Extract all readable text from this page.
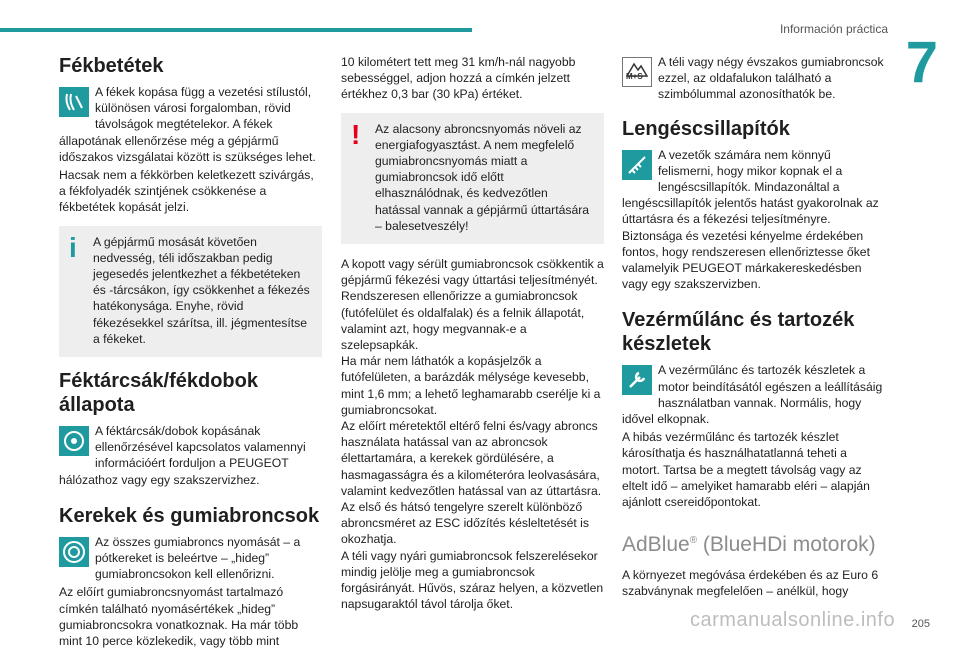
Información práctica
7
Fékbetétek

A fékek kopása függ a vezetési stílustól, különösen városi forgalomban, rövid távolságok megtételekor. A fékek állapotának ellenőrzése még a gépjármű időszakos vizsgálatai között is szükséges lehet.

Hacsak nem a fékkörben keletkezett szivárgás, a fékfolyadék szintjének csökkenése a fékbetétek kopását jelzi.

i A gépjármű mosását követően nedvesség, téli időszakban pedig jegesedés jelentkezhet a fékbetéteken és -tárcsákon, így csökkenhet a fékezés hatékonysága. Enyhe, rövid fékezésekkel szárítsa, ill. jégmentesítse a fékeket.

Féktárcsák/fékdobok állapota

A féktárcsák/dobok kopásának ellenőrzésével kapcsolatos valamennyi információért forduljon a PEUGEOT hálózathoz vagy egy szakszervizhez.

Kerekek és gumiabroncsok

Az összes gumiabroncs nyomását – a pótkereket is beleértve – „hideg” gumiabroncsokon kell ellenőrizni.

Az előírt gumiabroncsnyomást tartalmazó címkén található nyomásértékek „hideg” gumiabroncsokra vonatkoznak. Ha már több mint 10 perce közlekedik, vagy több mint

10 kilométert tett meg 31 km/h-nál nagyobb sebességgel, adjon hozzá a címkén jelzett értékhez 0,3 bar (30 kPa) értéket.

! Az alacsony abroncsnyomás növeli az energiafogyasztást. A nem megfelelő gumiabroncsnyomás miatt a gumiabroncsok idő előtt elhasználódnak, és kedvezőtlen hatással vannak a gépjármű úttartására – balesetveszély!

A kopott vagy sérült gumiabroncsok csökkentik a gépjármű fékezési vagy úttartási teljesítményét. Rendszeresen ellenőrizze a gumiabroncsok (futófelület és oldalfalak) és a felnik állapotát, valamint azt, hogy megvannak-e a szelepsapkák.

Ha már nem láthatók a kopásjelzők a futófelületen, a barázdák mélysége kevesebb, mint 1,6 mm; a lehető leghamarabb cserélje ki a gumiabroncsokat.

Az előírt méretektől eltérő felni és/vagy abroncs használata hatással van az abroncsok élettartamára, a kerekek gördülésére, a hasmagasságra és a kilométeróra leolvasására, valamint kedvezőtlen hatással van az úttartásra.

Az első és hátsó tengelyre szerelt különböző abroncsméret az ESC időzítés késleltetését is okozhatja.

A téli vagy nyári gumiabroncsok felszerelésekor mindig jelölje meg a gumiabroncsok forgásirányát. Hűvös, száraz helyen, a közvetlen napsugaraktól távol tárolja őket.

M+S

A téli vagy négy évszakos gumiabroncsok ezzel, az oldafalukon található a szimbólummal azonosíthatók be.

Lengéscsillapítók

A vezetők számára nem könnyű felismerni, hogy mikor kopnak el a lengéscsillapítók. Mindazonáltal a lengéscsillapítók jelentős hatást gyakorolnak az úttartásra és a fékezési teljesítményre. Biztonsága és vezetési kényelme érdekében fontos, hogy rendszeresen ellenőriztesse őket valamelyik PEUGEOT márkakereskedésben vagy egy szakszervizben.

Vezérműlánc és tartozék készletek

A vezérműlánc és tartozék készletek a motor beindításától egészen a leállításáig használatban vannak. Normális, hogy idővel elkopnak.

A hibás vezérműlánc és tartozék készlet károsíthatja és használhatatlanná teheti a motort. Tartsa be a megtett távolság vagy az eltelt idő – amelyiket hamarabb eléri – alapján ajánlott csereidőpontokat.

AdBlue® (BlueHDi motorok)

A környezet megóvása érdekében és az Euro 6 szabványnak megfelelően – anélkül, hogy

carmanualsonline.info 205
